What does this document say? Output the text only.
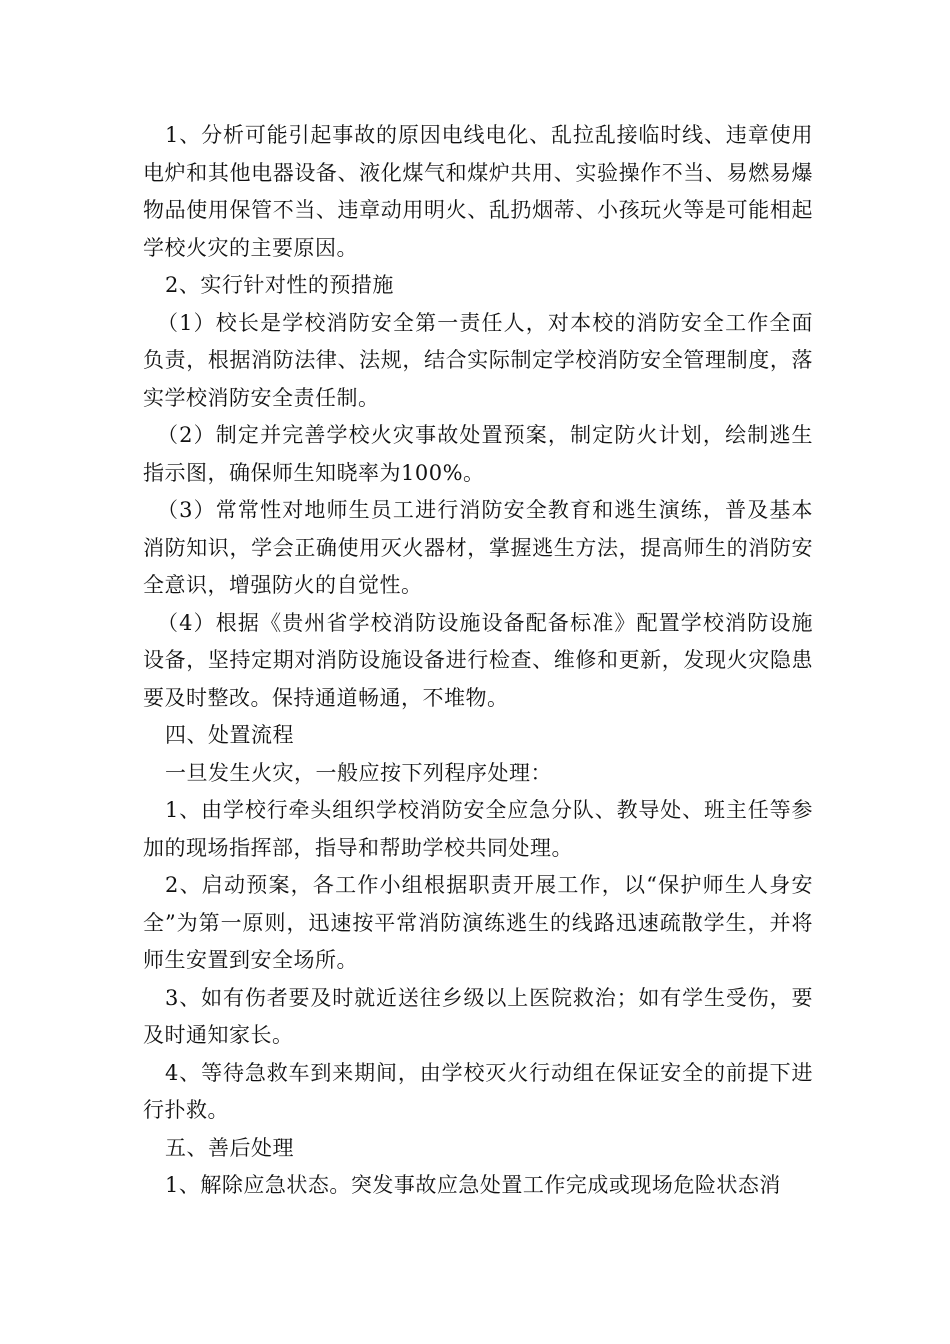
1、分析可能引起事故的原因电线电化、乱拉乱接临时线、违章使用电炉和其他电器设备、液化煤气和煤炉共用、实验操作不当、易燃易爆物品使用保管不当、违章动用明火、乱扔烟蒂、小孩玩火等是可能相起学校火灾的主要原因。

2、实行针对性的预措施

（1）校长是学校消防安全第一责任人，对本校的消防安全工作全面负责，根据消防法律、法规，结合实际制定学校消防安全管理制度，落实学校消防安全责任制。

（2）制定并完善学校火灾事故处置预案，制定防火计划，绘制逃生指示图，确保师生知晓率为100%。

（3）常常性对地师生员工进行消防安全教育和逃生演练，普及基本消防知识，学会正确使用灭火器材，掌握逃生方法，提高师生的消防安全意识，增强防火的自觉性。

（4）根据《贵州省学校消防设施设备配备标准》配置学校消防设施设备，坚持定期对消防设施设备进行检查、维修和更新，发现火灾隐患要及时整改。保持通道畅通，不堆物。

四、处置流程

一旦发生火灾，一般应按下列程序处理：

1、由学校行牵头组织学校消防安全应急分队、教导处、班主任等参加的现场指挥部，指导和帮助学校共同处理。

2、启动预案，各工作小组根据职责开展工作，以“保护师生人身安全”为第一原则，迅速按平常消防演练逃生的线路迅速疏散学生，并将师生安置到安全场所。

3、如有伤者要及时就近送往乡级以上医院救治；如有学生受伤，要及时通知家长。

4、等待急救车到来期间，由学校灭火行动组在保证安全的前提下进行扑救。

五、善后处理

1、解除应急状态。突发事故应急处置工作完成或现场危险状态消
